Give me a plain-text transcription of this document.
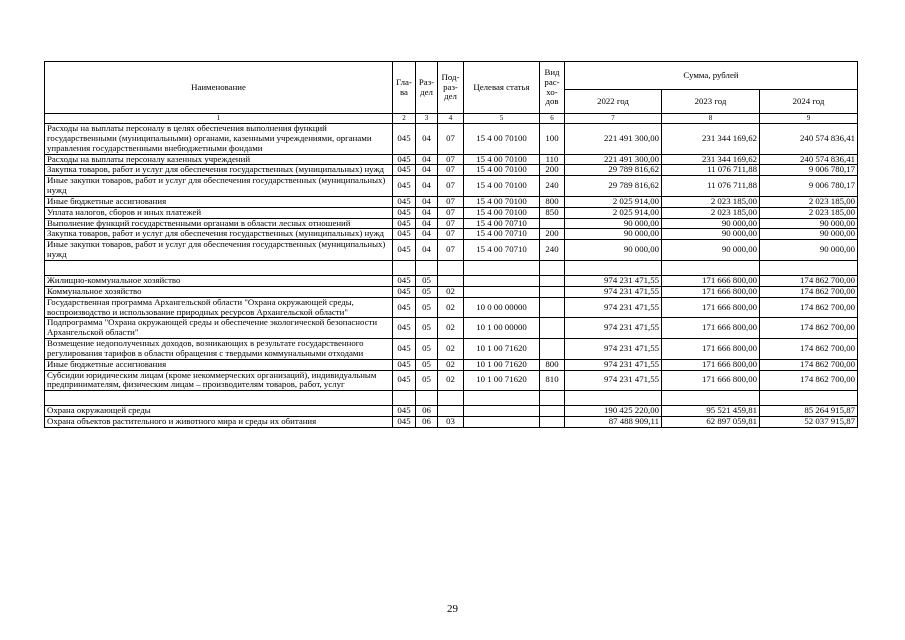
Наименование	Гла-ва	Раз-дел	Под-раз-дел	Целевая статья	Вид рас-хо-дов	Сумма, рублей		
						2022 год	2023 год	2024 год
1	2	3	4	5	6	7	8	9
Расходы на выплаты персоналу в целях обеспечения выполнения функций государственными (муниципальными) органами, казенными учреждениями, органами управления государственными внебюджетными фондами	045	04	07	15 4 00 70100	100	221 491 300,00	231 344 169,62	240 574 836,41
Расходы на выплаты персоналу казенных учреждений	045	04	07	15 4 00 70100	110	221 491 300,00	231 344 169,62	240 574 836,41
Закупка товаров, работ и услуг для обеспечения государственных (муниципальных) нужд	045	04	07	15 4 00 70100	200	29 789 816,62	11 076 711,88	9 006 780,17
Иные закупки товаров, работ и услуг для обеспечения государственных (муниципальных) нужд	045	04	07	15 4 00 70100	240	29 789 816,62	11 076 711,88	9 006 780,17
Иные бюджетные ассигнования	045	04	07	15 4 00 70100	800	2 025 914,00	2 023 185,00	2 023 185,00
Уплата налогов, сборов и иных платежей	045	04	07	15 4 00 70100	850	2 025 914,00	2 023 185,00	2 023 185,00
Выполнение функций государственными органами в области лесных отношений	045	04	07	15 4 00 70710		90 000,00	90 000,00	90 000,00
Закупка товаров, работ и услуг для обеспечения государственных (муниципальных) нужд	045	04	07	15 4 00 70710	200	90 000,00	90 000,00	90 000,00
Иные закупки товаров, работ и услуг для обеспечения государственных (муниципальных) нужд	045	04	07	15 4 00 70710	240	90 000,00	90 000,00	90 000,00

Жилищно-коммунальное хозяйство	045	05				974 231 471,55	171 666 800,00	174 862 700,00
Коммунальное хозяйство	045	05	02			974 231 471,55	171 666 800,00	174 862 700,00
Государственная программа Архангельской области "Охрана окружающей среды, воспроизводство и использование природных ресурсов Архангельской области"	045	05	02	10 0 00 00000		974 231 471,55	171 666 800,00	174 862 700,00
Подпрограмма "Охрана окружающей среды и обеспечение экологической безопасности Архангельской области"	045	05	02	10 1 00 00000		974 231 471,55	171 666 800,00	174 862 700,00
Возмещение недополученных доходов, возникающих в результате государственного регулирования тарифов в области обращения с твердыми коммунальными отходами	045	05	02	10 1 00 71620		974 231 471,55	171 666 800,00	174 862 700,00
Иные бюджетные ассигнования	045	05	02	10 1 00 71620	800	974 231 471,55	171 666 800,00	174 862 700,00
Субсидии юридическим лицам (кроме некоммерческих организаций), индивидуальным предпринимателям, физическим лицам – производителям товаров, работ, услуг	045	05	02	10 1 00 71620	810	974 231 471,55	171 666 800,00	174 862 700,00

Охрана окружающей среды	045	06				190 425 220,00	95 521 459,81	85 264 915,87
Охрана объектов растительного и животного мира и среды их обитания	045	06	03			87 488 909,11	62 897 059,81	52 037 915,87
29
